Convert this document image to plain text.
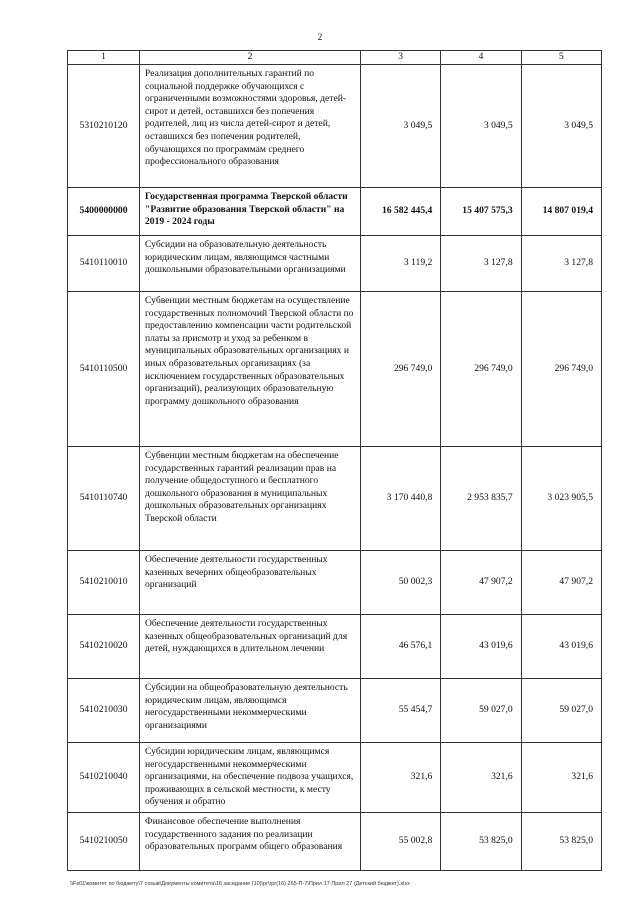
2
1	2	3	4	5
5310210120	Реализация дополнительных гарантий по социальной поддержке обучающихся с ограниченными возможностями здоровья, детей-сирот и детей, оставшихся без попечения родителей, лиц из числа детей-сирот и детей, оставшихся без попечения родителей, обучающихся по программам среднего профессионального образования	3 049,5	3 049,5	3 049,5
5400000000	Государственная программа Тверской области "Развитие образования Тверской области" на 2019 - 2024 годы	16 582 445,4	15 407 575,3	14 807 019,4
5410110010	Субсидии на образовательную деятельность юридическим лицам, являющимся частными дошкольными образовательными организациями	3 119,2	3 127,8	3 127,8
5410110500	Субвенции местным бюджетам на осуществление государственных полномочий Тверской области по предоставлению компенсации части родительской платы за присмотр и уход за ребенком в муниципальных образовательных организациях и иных образовательных организациях (за исключением государственных образовательных организаций), реализующих образовательную программу дошкольного образования	296 749,0	296 749,0	296 749,0
5410110740	Субвенции местным бюджетам на обеспечение государственных гарантий реализации прав на получение общедоступного и бесплатного дошкольного образования в муниципальных дошкольных образовательных организациях Тверской области	3 170 440,8	2 953 835,7	3 023 905,5
5410210010	Обеспечение деятельности государственных казенных вечерних общеобразовательных организаций	50 002,3	47 907,2	47 907,2
5410210020	Обеспечение деятельности государственных казенных общеобразовательных организаций для детей, нуждающихся в длительном лечении	46 576,1	43 019,6	43 019,6
5410210030	Субсидии на общеобразовательную деятельность юридическим лицам, являющимся негосударственными некоммерческими организациями	55 454,7	59 027,0	59 027,0
5410210040	Субсидии юридическим лицам, являющимся негосударственными некоммерческими организациями, на обеспечение подвоза учащихся, проживающих в сельской местности, к месту обучения и обратно	321,6	321,6	321,6
5410210050	Финансовое обеспечение выполнения государственного задания по реализации образовательных программ общего образования	55 002,8	53 825,0	53 825,0
\\Fs01\комитет по бюджету\7 созыв\Документы комитета\16 заседание (10)\pr\rpr(16) 265-П-7\Прил 17 Прил 27 (Детский бюджет).xlsx
